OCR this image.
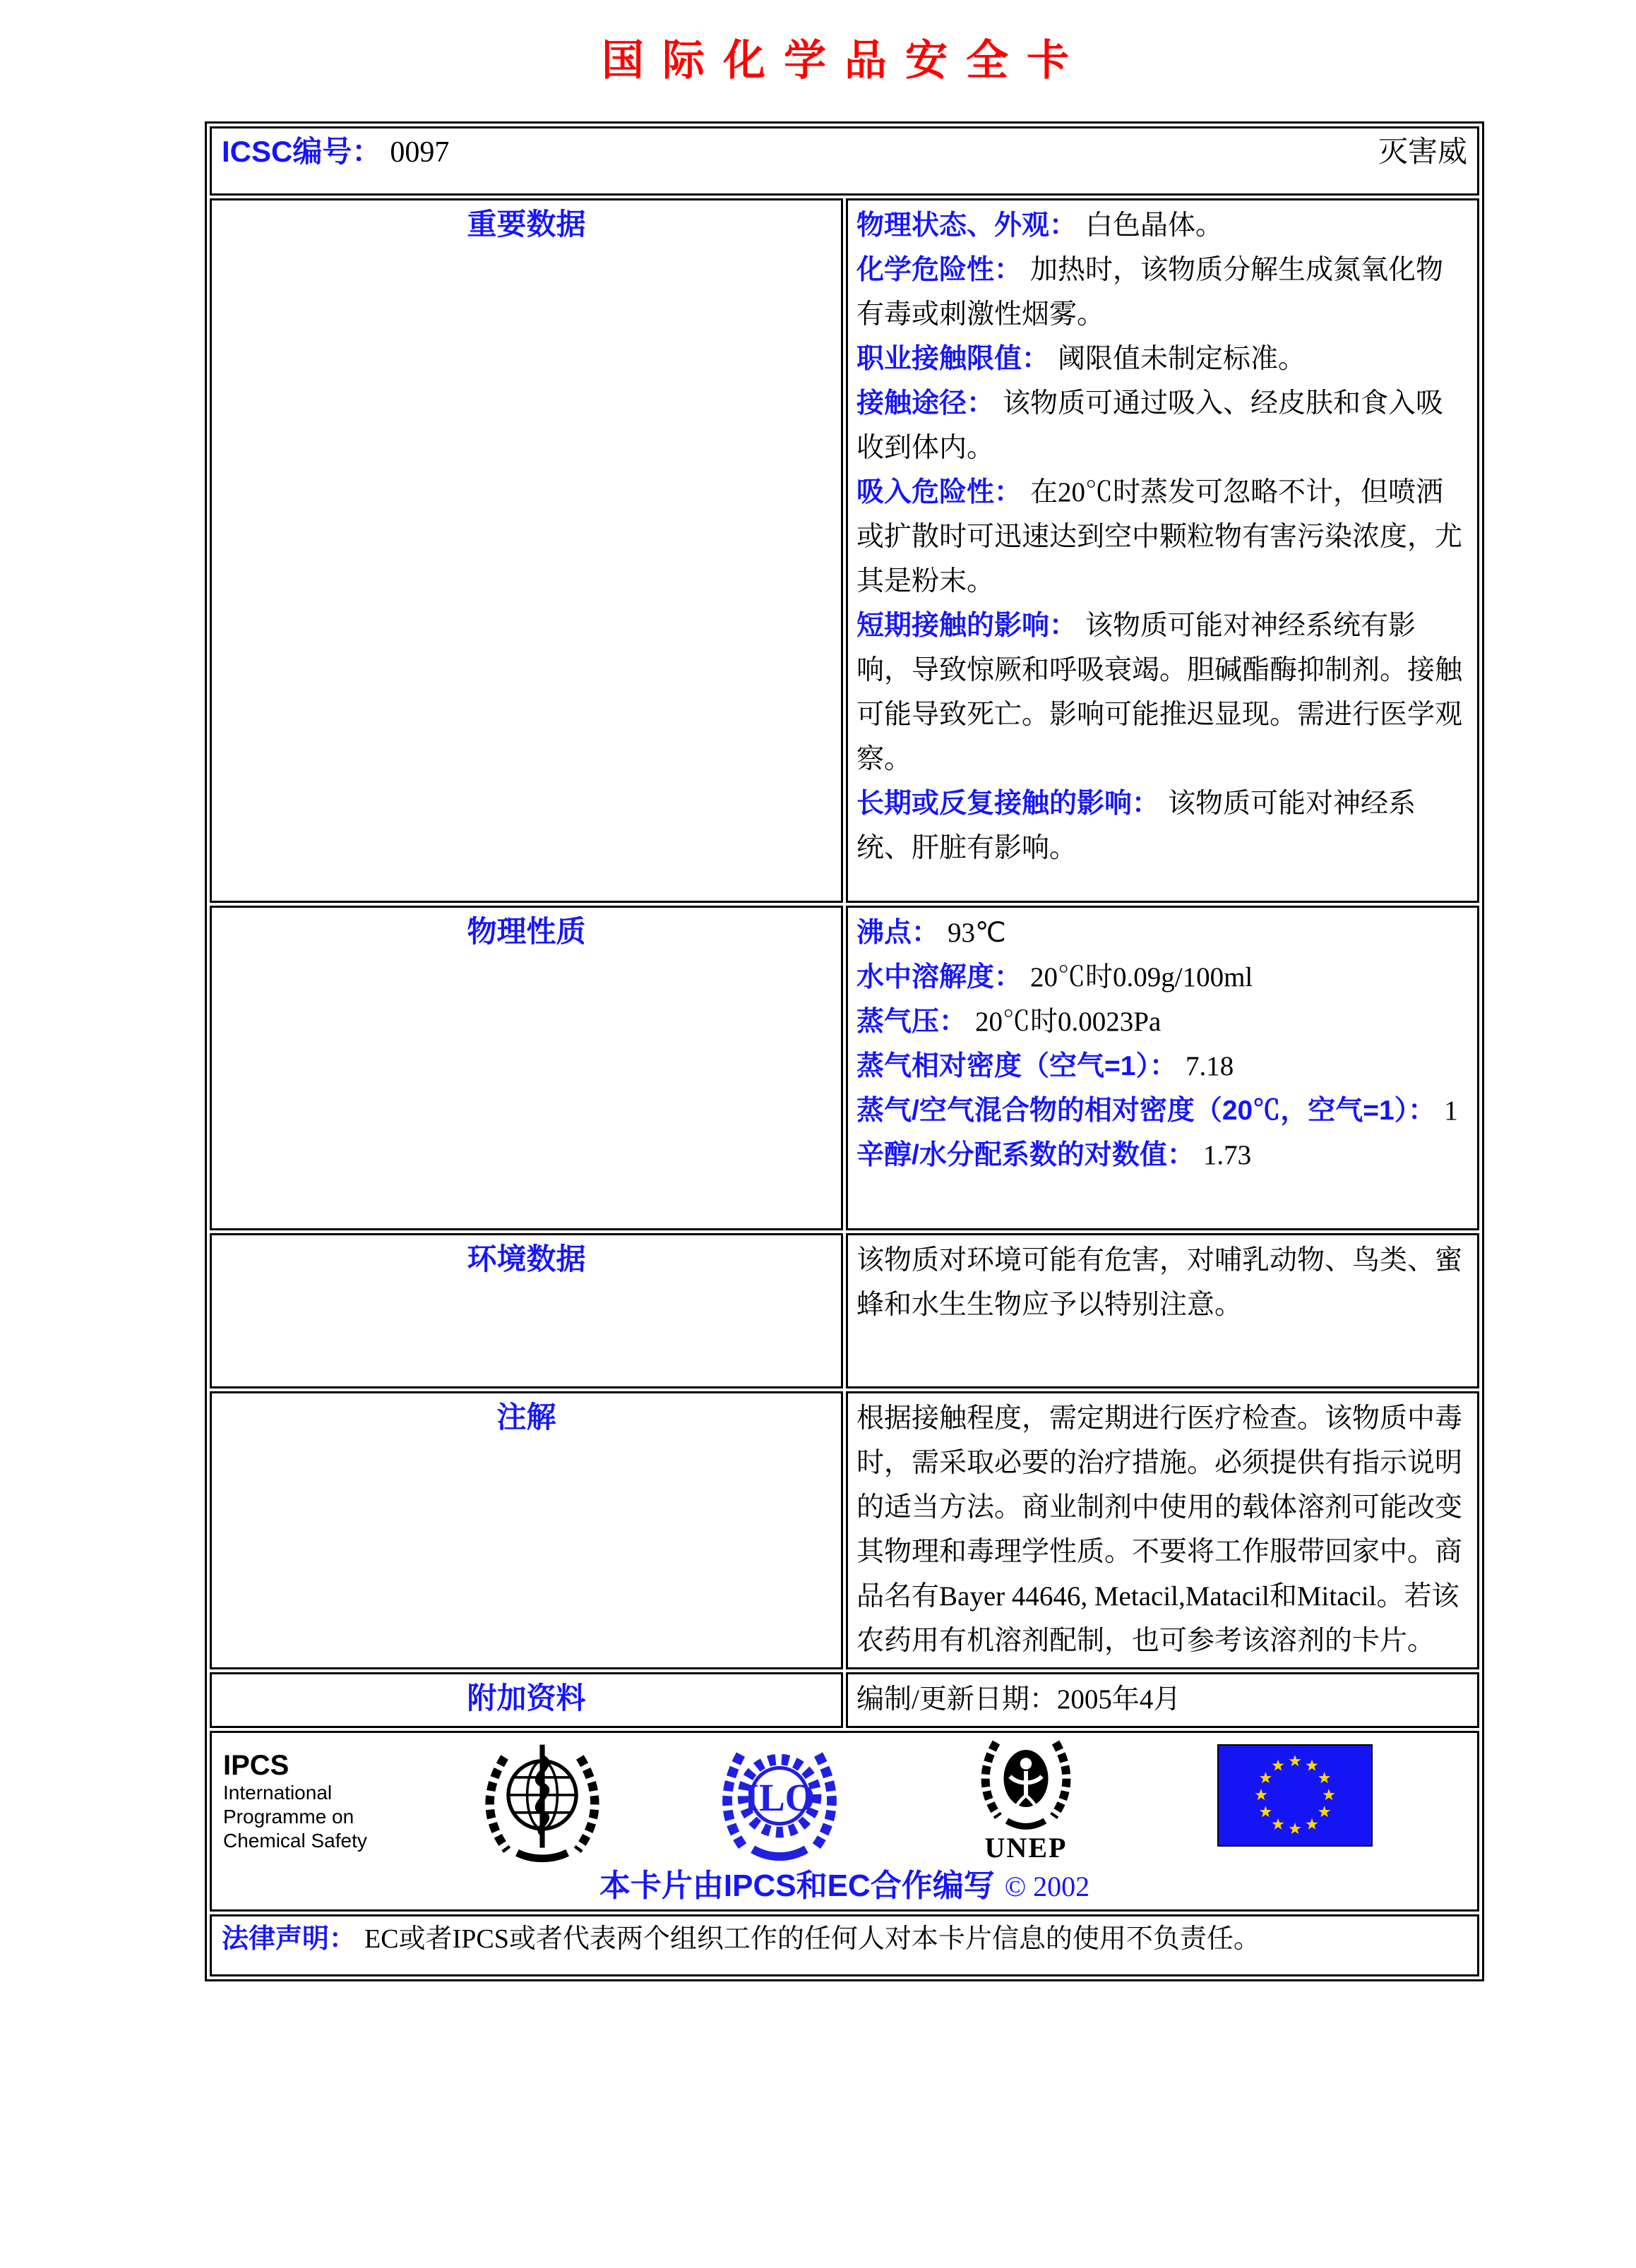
国际化学品安全卡
ICSC编号： 0097 灭害威	

重要数据	物理状态、外观： 白色晶体。

化学危险性： 加热时，该物质分解生成氮氧化物有毒或刺激性烟雾。

职业接触限值： 阈限值未制定标准。

接触途径： 该物质可通过吸入、经皮肤和食入吸收到体内。

吸入危险性： 在20℃时蒸发可忽略不计，但喷洒或扩散时可迅速达到空中颗粒物有害污染浓度，尤其是粉末。

短期接触的影响： 该物质可能对神经系统有影响，导致惊厥和呼吸衰竭。胆碱酯酶抑制剂。接触可能导致死亡。影响可能推迟显现。需进行医学观察。

长期或反复接触的影响： 该物质可能对神经系统、肝脏有影响。

物理性质	沸点： 93℃

水中溶解度： 20℃时0.09g/100ml

蒸气压： 20℃时0.0023Pa

蒸气相对密度（空气=1）： 7.18

蒸气/空气混合物的相对密度（20℃，空气=1）： 1

辛醇/水分配系数的对数值： 1.73

环境数据	该物质对环境可能有危害，对哺乳动物、鸟类、蜜蜂和水生生物应予以特别注意。

注解	根据接触程度，需定期进行医疗检查。该物质中毒时，需采取必要的治疗措施。必须提供有指示说明的适当方法。商业制剂中使用的载体溶剂可能改变其物理和毒理学性质。不要将工作服带回家中。商品名有Bayer 44646, Metacil,Matacil和Mitacil。若该农药用有机溶剂配制，也可参考该溶剂的卡片。

附加资料	编制/更新日期：2005年4月

IPCS
International
Programme on
Chemical Safety
ILO
UNEP
本卡片由IPCS和EC合作编写 © 2002

法律声明： EC或者IPCS或者代表两个组织工作的任何人对本卡片信息的使用不负责任。	
